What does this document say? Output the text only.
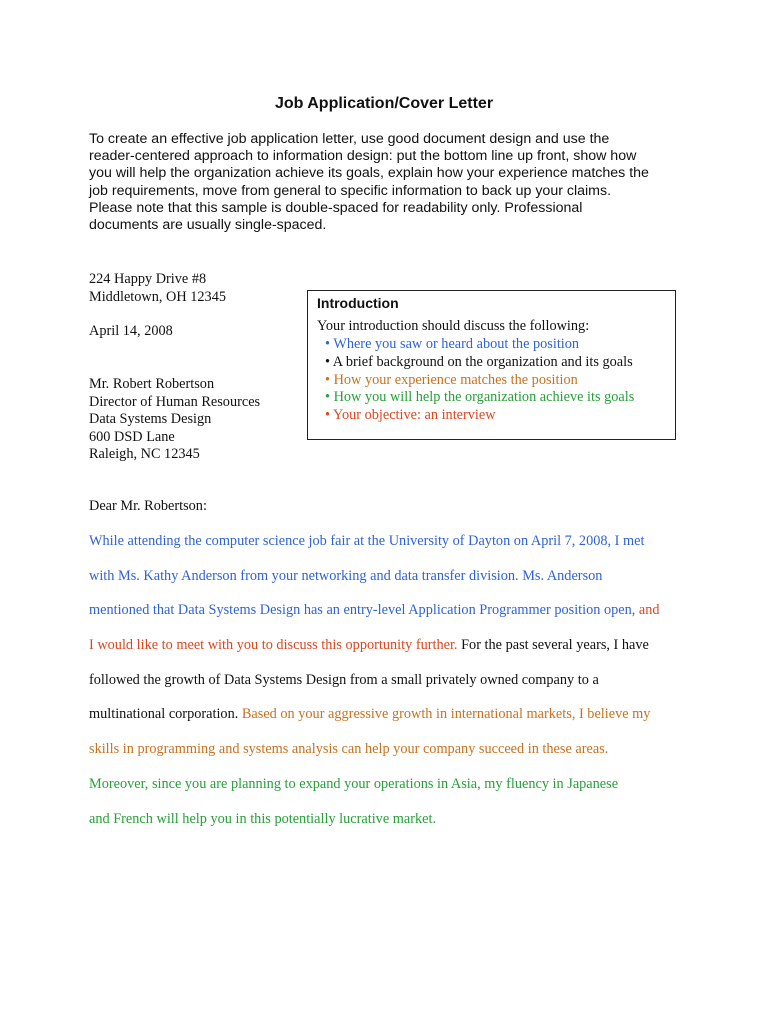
Job Application/Cover Letter
To create an effective job application letter, use good document design and use the
reader-centered approach to information design: put the bottom line up front, show how
you will help the organization achieve its goals, explain how your experience matches the
job requirements, move from general to specific information to back up your claims.
Please note that this sample is double-spaced for readability only. Professional
documents are usually single-spaced.
224 Happy Drive #8
Middletown, OH 12345
April 14, 2008
Mr. Robert Robertson
Director of Human Resources
Data Systems Design
600 DSD Lane
Raleigh, NC 12345
Introduction
Your introduction should discuss the following:
• Where you saw or heard about the position
• A brief background on the organization and its goals
• How your experience matches the position
• How you will help the organization achieve its goals
• Your objective: an interview
Dear Mr. Robertson:
While attending the computer science job fair at the University of Dayton on April 7, 2008, I met
with Ms. Kathy Anderson from your networking and data transfer division. Ms. Anderson
mentioned that Data Systems Design has an entry-level Application Programmer position open, and
I would like to meet with you to discuss this opportunity further. For the past several years, I have
followed the growth of Data Systems Design from a small privately owned company to a
multinational corporation. Based on your aggressive growth in international markets, I believe my
skills in programming and systems analysis can help your company succeed in these areas.
Moreover, since you are planning to expand your operations in Asia, my fluency in Japanese
and French will help you in this potentially lucrative market.
